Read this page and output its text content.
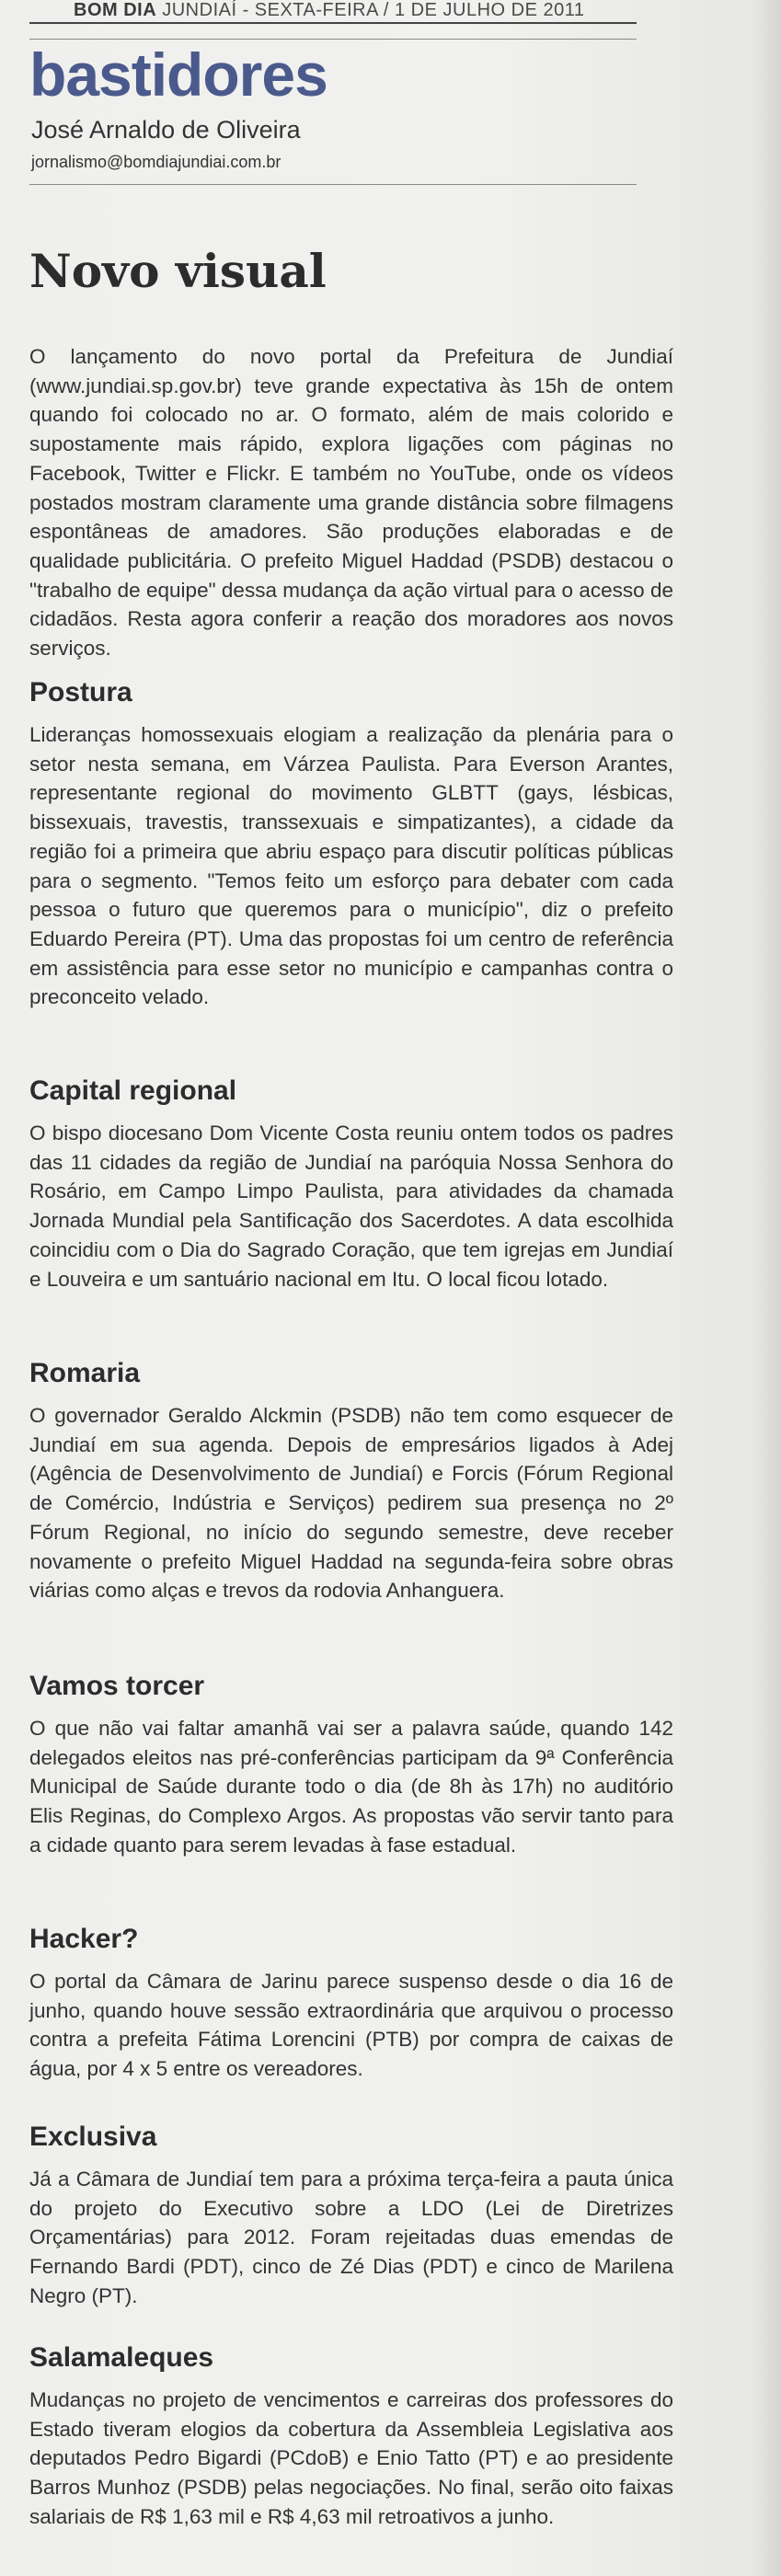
BOM DIA JUNDIAÍ - SEXTA-FEIRA / 1 DE JULHO DE 2011
bastidores
José Arnaldo de Oliveira
jornalismo@bomdiajundiai.com.br
Novo visual

O lançamento do novo portal da Prefeitura de Jundiaí (www.jundiai.sp.gov.br) teve grande expectativa às 15h de ontem quando foi colocado no ar. O formato, além de mais colorido e supostamente mais rápido, explora ligações com páginas no Facebook, Twitter e Flickr. E também no YouTube, onde os vídeos postados mostram claramente uma grande distância sobre filmagens espontâneas de amadores. São produções elaboradas e de qualidade publicitária. O prefeito Miguel Haddad (PSDB) destacou o "trabalho de equipe" dessa mudança da ação virtual para o acesso de cidadãos. Resta agora conferir a reação dos moradores aos novos serviços.

Postura

Lideranças homossexuais elogiam a realização da plenária para o setor nesta semana, em Várzea Paulista. Para Everson Arantes, representante regional do movimento GLBTT (gays, lésbicas, bissexuais, travestis, transsexuais e simpatizantes), a cidade da região foi a primeira que abriu espaço para discutir políticas públicas para o segmento. "Temos feito um esforço para debater com cada pessoa o futuro que queremos para o município", diz o prefeito Eduardo Pereira (PT). Uma das propostas foi um centro de referência em assistência para esse setor no município e campanhas contra o preconceito velado.

Capital regional

O bispo diocesano Dom Vicente Costa reuniu ontem todos os padres das 11 cidades da região de Jundiaí na paróquia Nossa Senhora do Rosário, em Campo Limpo Paulista, para atividades da chamada Jornada Mundial pela Santificação dos Sacerdotes. A data escolhida coincidiu com o Dia do Sagrado Coração, que tem igrejas em Jundiaí e Louveira e um santuário nacional em Itu. O local ficou lotado.

Romaria

O governador Geraldo Alckmin (PSDB) não tem como esquecer de Jundiaí em sua agenda. Depois de empresários ligados à Adej (Agência de Desenvolvimento de Jundiaí) e Forcis (Fórum Regional de Comércio, Indústria e Serviços) pedirem sua presença no 2º Fórum Regional, no início do segundo semestre, deve receber novamente o prefeito Miguel Haddad na segunda-feira sobre obras viárias como alças e trevos da rodovia Anhanguera.

Vamos torcer

O que não vai faltar amanhã vai ser a palavra saúde, quando 142 delegados eleitos nas pré-conferências participam da 9ª Conferência Municipal de Saúde durante todo o dia (de 8h às 17h) no auditório Elis Reginas, do Complexo Argos. As propostas vão servir tanto para a cidade quanto para serem levadas à fase estadual.

Hacker?

O portal da Câmara de Jarinu parece suspenso desde o dia 16 de junho, quando houve sessão extraordinária que arquivou o processo contra a prefeita Fátima Lorencini (PTB) por compra de caixas de água, por 4 x 5 entre os vereadores.

Exclusiva

Já a Câmara de Jundiaí tem para a próxima terça-feira a pauta única do projeto do Executivo sobre a LDO (Lei de Diretrizes Orçamentárias) para 2012. Foram rejeitadas duas emendas de Fernando Bardi (PDT), cinco de Zé Dias (PDT) e cinco de Marilena Negro (PT).

Salamaleques

Mudanças no projeto de vencimentos e carreiras dos professores do Estado tiveram elogios da cobertura da Assembleia Legislativa aos deputados Pedro Bigardi (PCdoB) e Enio Tatto (PT) e ao presidente Barros Munhoz (PSDB) pelas negociações. No final, serão oito faixas salariais de R$ 1,63 mil e R$ 4,63 mil retroativos a junho.
